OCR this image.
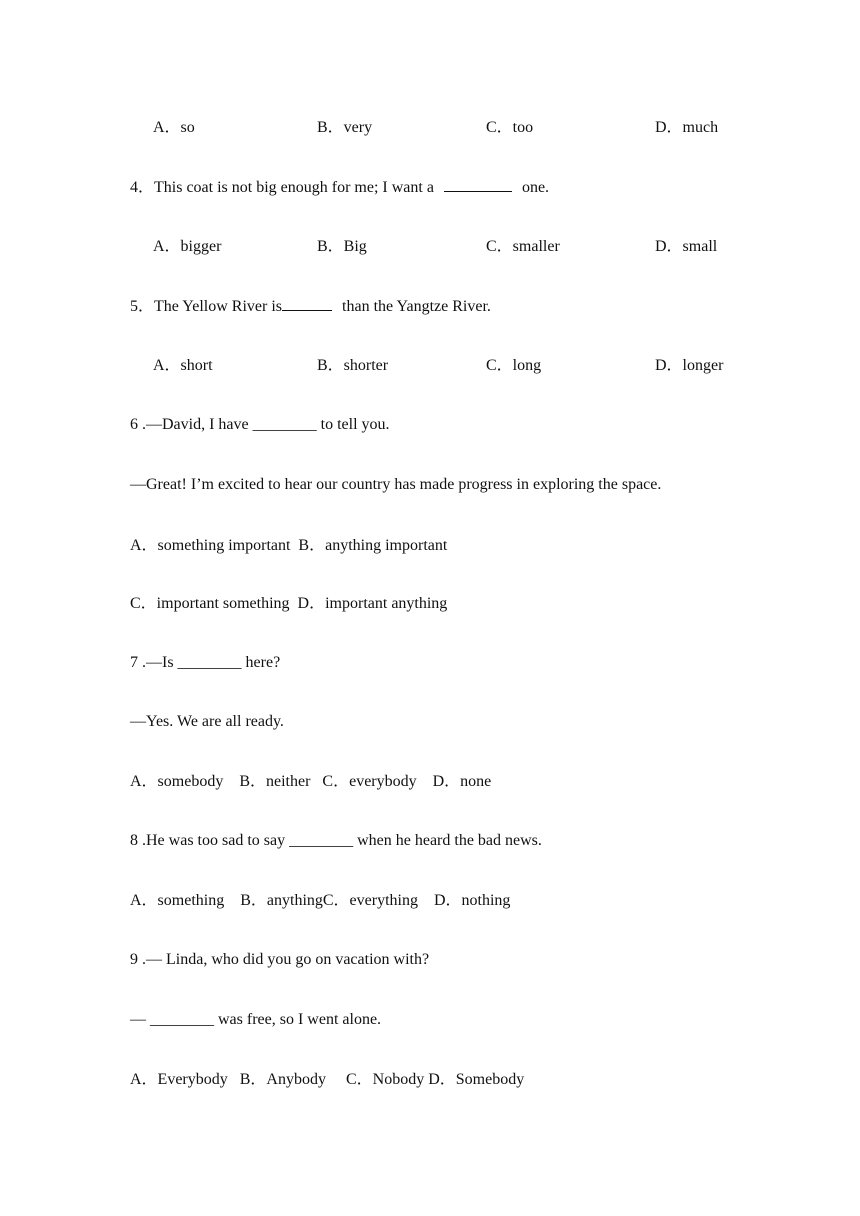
A．so	B．very	C．too	D．much
4．This coat is not big enough for me; I want a	one.
A．bigger	B．Big	C．smaller	D．small
5．The Yellow River is	than the Yangtze River.
A．short	B．shorter	C．long	D．longer
6 .—David, I have ________ to tell you.
—Great! I’m excited to hear our country has made progress in exploring the space.
A．something important  B．anything important
C．important something  D．important anything
7 .—Is ________ here?
—Yes. We are all ready.
A．somebody    B．neither   C．everybody    D．none
8 .He was too sad to say ________ when he heard the bad news.
A．something    B．anythingC．everything    D．nothing
9 .— Linda, who did you go on vacation with?
— ________ was free, so I went alone.
A．Everybody   B．Anybody     C．Nobody D．Somebody
